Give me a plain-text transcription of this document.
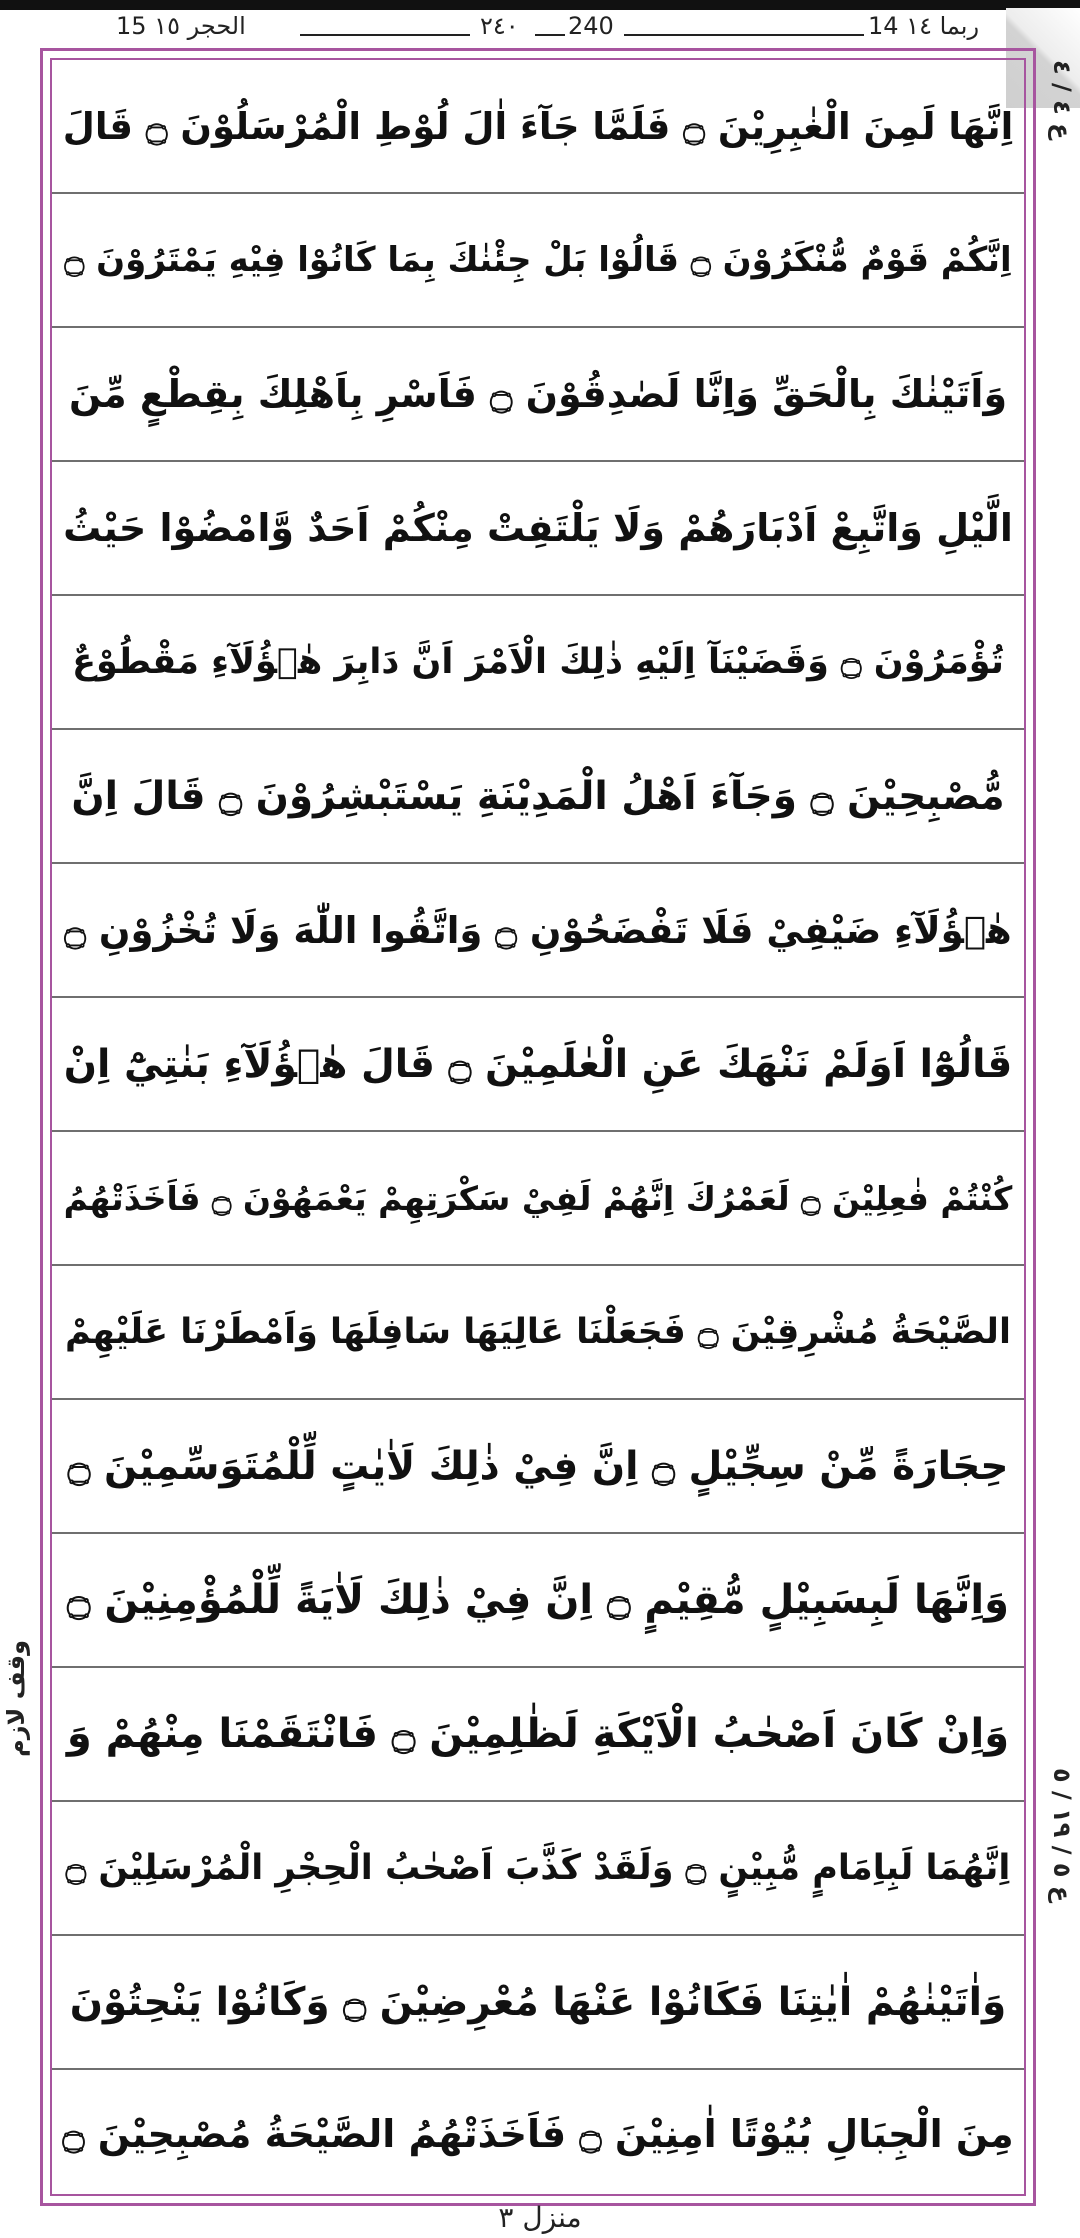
15 الحجر ١٥	٢٤٠ 240	14 ربما ١٤
ع ٤ / ٤
ع ٥ / ١٩ / ٥
وقف لازم
اِنَّهَا لَمِنَ الْغٰبِرِيْنَ ۝ فَلَمَّا جَآءَ اٰلَ لُوْطِ الْمُرْسَلُوْنَ ۝ قَالَ
اِنَّكُمْ قَوْمٌ مُّنْكَرُوْنَ ۝ قَالُوْا بَلْ جِئْنٰكَ بِمَا كَانُوْا فِيْهِ يَمْتَرُوْنَ ۝
وَاَتَيْنٰكَ بِالْحَقِّ وَاِنَّا لَصٰدِقُوْنَ ۝ فَاَسْرِ بِاَهْلِكَ بِقِطْعٍ مِّنَ
الَّيْلِ وَاتَّبِعْ اَدْبَارَهُمْ وَلَا يَلْتَفِتْ مِنْكُمْ اَحَدٌ وَّامْضُوْا حَيْثُ
تُؤْمَرُوْنَ ۝ وَقَضَيْنَآ اِلَيْهِ ذٰلِكَ الْاَمْرَ اَنَّ دَابِرَ هٰۤؤُلَآءِ مَقْطُوْعٌ
مُّصْبِحِيْنَ ۝ وَجَآءَ اَهْلُ الْمَدِيْنَةِ يَسْتَبْشِرُوْنَ ۝ قَالَ اِنَّ
هٰۤؤُلَآءِ ضَيْفِيْ فَلَا تَفْضَحُوْنِ ۝ وَاتَّقُوا اللّٰهَ وَلَا تُخْزُوْنِ ۝
قَالُوْٓا اَوَلَمْ نَنْهَكَ عَنِ الْعٰلَمِيْنَ ۝ قَالَ هٰۤؤُلَآءِ بَنٰتِيْٓ اِنْ
كُنْتُمْ فٰعِلِيْنَ ۝ لَعَمْرُكَ اِنَّهُمْ لَفِيْ سَكْرَتِهِمْ يَعْمَهُوْنَ ۝ فَاَخَذَتْهُمُ
الصَّيْحَةُ مُشْرِقِيْنَ ۝ فَجَعَلْنَا عَالِيَهَا سَافِلَهَا وَاَمْطَرْنَا عَلَيْهِمْ
حِجَارَةً مِّنْ سِجِّيْلٍ ۝ اِنَّ فِيْ ذٰلِكَ لَاٰيٰتٍ لِّلْمُتَوَسِّمِيْنَ ۝
وَاِنَّهَا لَبِسَبِيْلٍ مُّقِيْمٍ ۝ اِنَّ فِيْ ذٰلِكَ لَاٰيَةً لِّلْمُؤْمِنِيْنَ ۝
وَاِنْ كَانَ اَصْحٰبُ الْاَيْكَةِ لَظٰلِمِيْنَ ۝ فَانْتَقَمْنَا مِنْهُمْ وَ
اِنَّهُمَا لَبِاِمَامٍ مُّبِيْنٍ ۝ وَلَقَدْ كَذَّبَ اَصْحٰبُ الْحِجْرِ الْمُرْسَلِيْنَ ۝
وَاٰتَيْنٰهُمْ اٰيٰتِنَا فَكَانُوْا عَنْهَا مُعْرِضِيْنَ ۝ وَكَانُوْا يَنْحِتُوْنَ
مِنَ الْجِبَالِ بُيُوْتًا اٰمِنِيْنَ ۝ فَاَخَذَتْهُمُ الصَّيْحَةُ مُصْبِحِيْنَ ۝
منزل ٣
